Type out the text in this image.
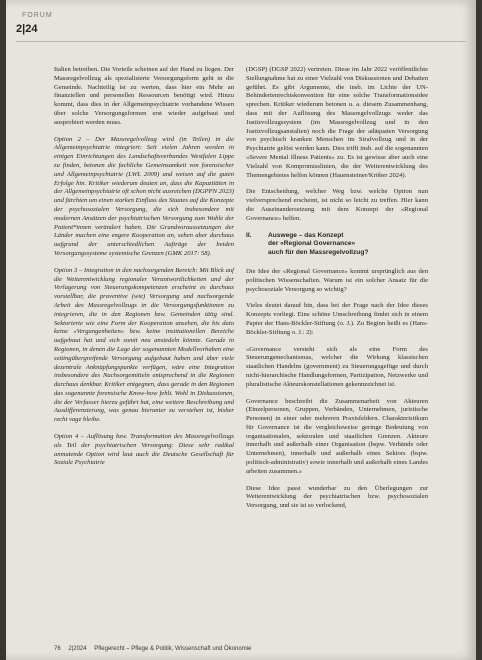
FORUM
2|24

Italien betreiben. Die Vorteile scheinen auf der Hand zu liegen. Der Massregelvollzug als spezialisierte Versorgungsform geht in die Gemeinde. Nachteilig ist zu werten, dass hier ein Mehr an finanziellen und personellen Ressourcen benötigt wird. Hinzu kommt, dass dies in der Allgemeinpsychiatrie vorhandene Wissen über solche Versorgungsformen erst wieder aufgebaut und ausprobiert werden muss.

Option 2 – Der Massregelvollzug wird (in Teilen) in die Allgemeinpsychiatrie integriert: Seit vielen Jahren werden in einigen Einrichtungen des Landschaftsverbandes Westfalen Lippe zu finden, betonen die fachliche Gemeinsamkeit von forensischer und Allgemeinpsychiatrie (LWL 2009) und weisen auf die guten Erfolge hin. Kritiker wiederum deuten an, dass die Kapazitäten in der Allgemeinpsychiatrie oft schon nicht ausreichen (DGPPN 2023) und fürchten um einen starken Einfluss des Staates auf die Konzepte der psychosozialen Versorgung, die sich insbesondere mit modernen Ansätzen der psychiatrischen Versorgung zum Wohle der Patient*innen verändert haben. Die Grundvoraussetzungen der Länder machen eine engere Kooperation an, sehen aber durchaus aufgrund der unterschiedlichen Aufträge der beiden Versorgungssysteme systemische Grenzen (GMK 2017: 58).

Option 3 – Integration in den nachsorgenden Bereich: Mit Blick auf die Weiterentwicklung regionaler Verantwortlichkeiten und der Verlagerung von Steuerungskompetenzen erscheint es durchaus vorstellbar, die praventive (wie) Versorgung und nachsorgende Arbeit des Massregelvollzugs in die Versorgungsfunktionen zu integrieren, die in den Regionen bzw. Gemeinden tätig sind. Sektorierte wie eine Form der Kooperation ansehen, die bis dato keine «Vergangenheiten» bzw. keine institutionellen Bereiche aufgebaut hat und sich somit neu ansiedeln könnte. Gerade in Regionen, in denen die Lage der sogenannten Modellvorhaben eine settingübergreifende Versorgung aufgebaut haben und über viele dezentrale Anknüpfungspunkte verfügen, wäre eine Integration insbesondere des Nachsorgemitteln entsprechend in die Regionen durchaus denkbar. Kritiker entgegnen, dass gerade in den Regionen das sogenannte forensische Know-how fehlt. Wohl in Diskussionen, die der Verfasser hierzu geführt hat, eine weitere Beschreibung und Ausdifferenzierung, was genau hierunter zu verstehen ist, bisher recht vage bleibe.

Option 4 – Auflösung bzw. Transformation des Massregelvollzugs als Teil der psychiatrischen Versorgung: Diese sehr radikal anmutende Option wird laut auch die Deutsche Gesellschaft für Soziale Psychiatrie

(DGSP) (DGSP 2022) vertreten. Diese im Jahr 2022 veröffentlichte Stellungnahme hat zu einer Vielzahl von Diskussionen und Debatten geführt. Es gibt Argumente, die insb. im Lichte der UN-Behindertenrechtskonvention für eine solche Transformationsidee sprechen. Kritiker wiederum betonen u. a. diesem Zusammenhang, dass mit der Auflösung des Massregelvollzugs weder das Justizvollzugssystem (im Massregelvollzug und in den Justizvollzugsanstalten) noch die Frage der adäquaten Versorgung von psychisch kranken Menschen im Strafvollzug und in der Psychiatrie gelöst werden kann. Dies trifft insb. auf die sogenannten «Severe Mental Illness Patients» zu. Es ist gewisse aber auch eine Vielzahl von Kompromisslinien, die der Weiterentwicklung des Themengebietes helfen können (Hauensteiner/Kröber 2024).

Die Entscheidung, welcher Weg bzw. welche Option nun vielversprechend erscheint, ist nicht so leicht zu treffen. Hier kann die Auseinandersetzung mit dem Konzept der «Regional Governance» helfen.

II.	Auswege – das Konzept
der «Regional Governance»
auch für den Massregelvollzug?

Die Idee der «Regional Governance» kommt ursprünglich aus den politischen Wissenschaften. Warum ist ein solcher Ansatz für die psychosoziale Versorgung so wichtig?

Vieles deutet darauf hin, dass bei der Frage nach der Idee dieses Konzepts vorliegt. Eine schöne Umschreibung findet sich in einem Papier der Hans-Böckler-Stiftung (o. J.). Zu Beginn heißt es (Hans-Böckler-Stiftung o. J.: 2):

«Governance versteht sich als eine Form des Steuerungsmechanismus, welcher die Wirkung klassischen staatlichen Handelns (government) zu Steuerungsgefüge und durch nicht-hierarchische Handlungsformen, Partizipation, Netzwerke und pluralistische Akteurskonstellationen gekennzeichnet ist.

Governance beschreibt die Zusammenarbeit von Akteuren (Einzelpersonen, Gruppen, Verbänden, Unternehmen, juristische Personen) in einer oder mehreren Praxisfeldern. Charakteristikum für Governance ist die vergleichsweise geringe Bedeutung von organisationalen, sektoralen und staatlichen Grenzen. Akteure innerhalb und außerhalb einer Organisation (bspw. Verbände oder Unternehmen), innerhalb und außerhalb eines Sektors (bspw. politisch-administrativ) sowie innerhalb und außerhalb eines Landes arbeiten zusammen.»

Diese Idee passt wunderbar zu den Überlegungen zur Weiterentwicklung der psychiatrischen bzw. psychosozialen Versorgung, und sie ist so verlockend,

76 2|2024 Pflegerecht – Pflege & Politik, Wissenschaft und Ökonomie
